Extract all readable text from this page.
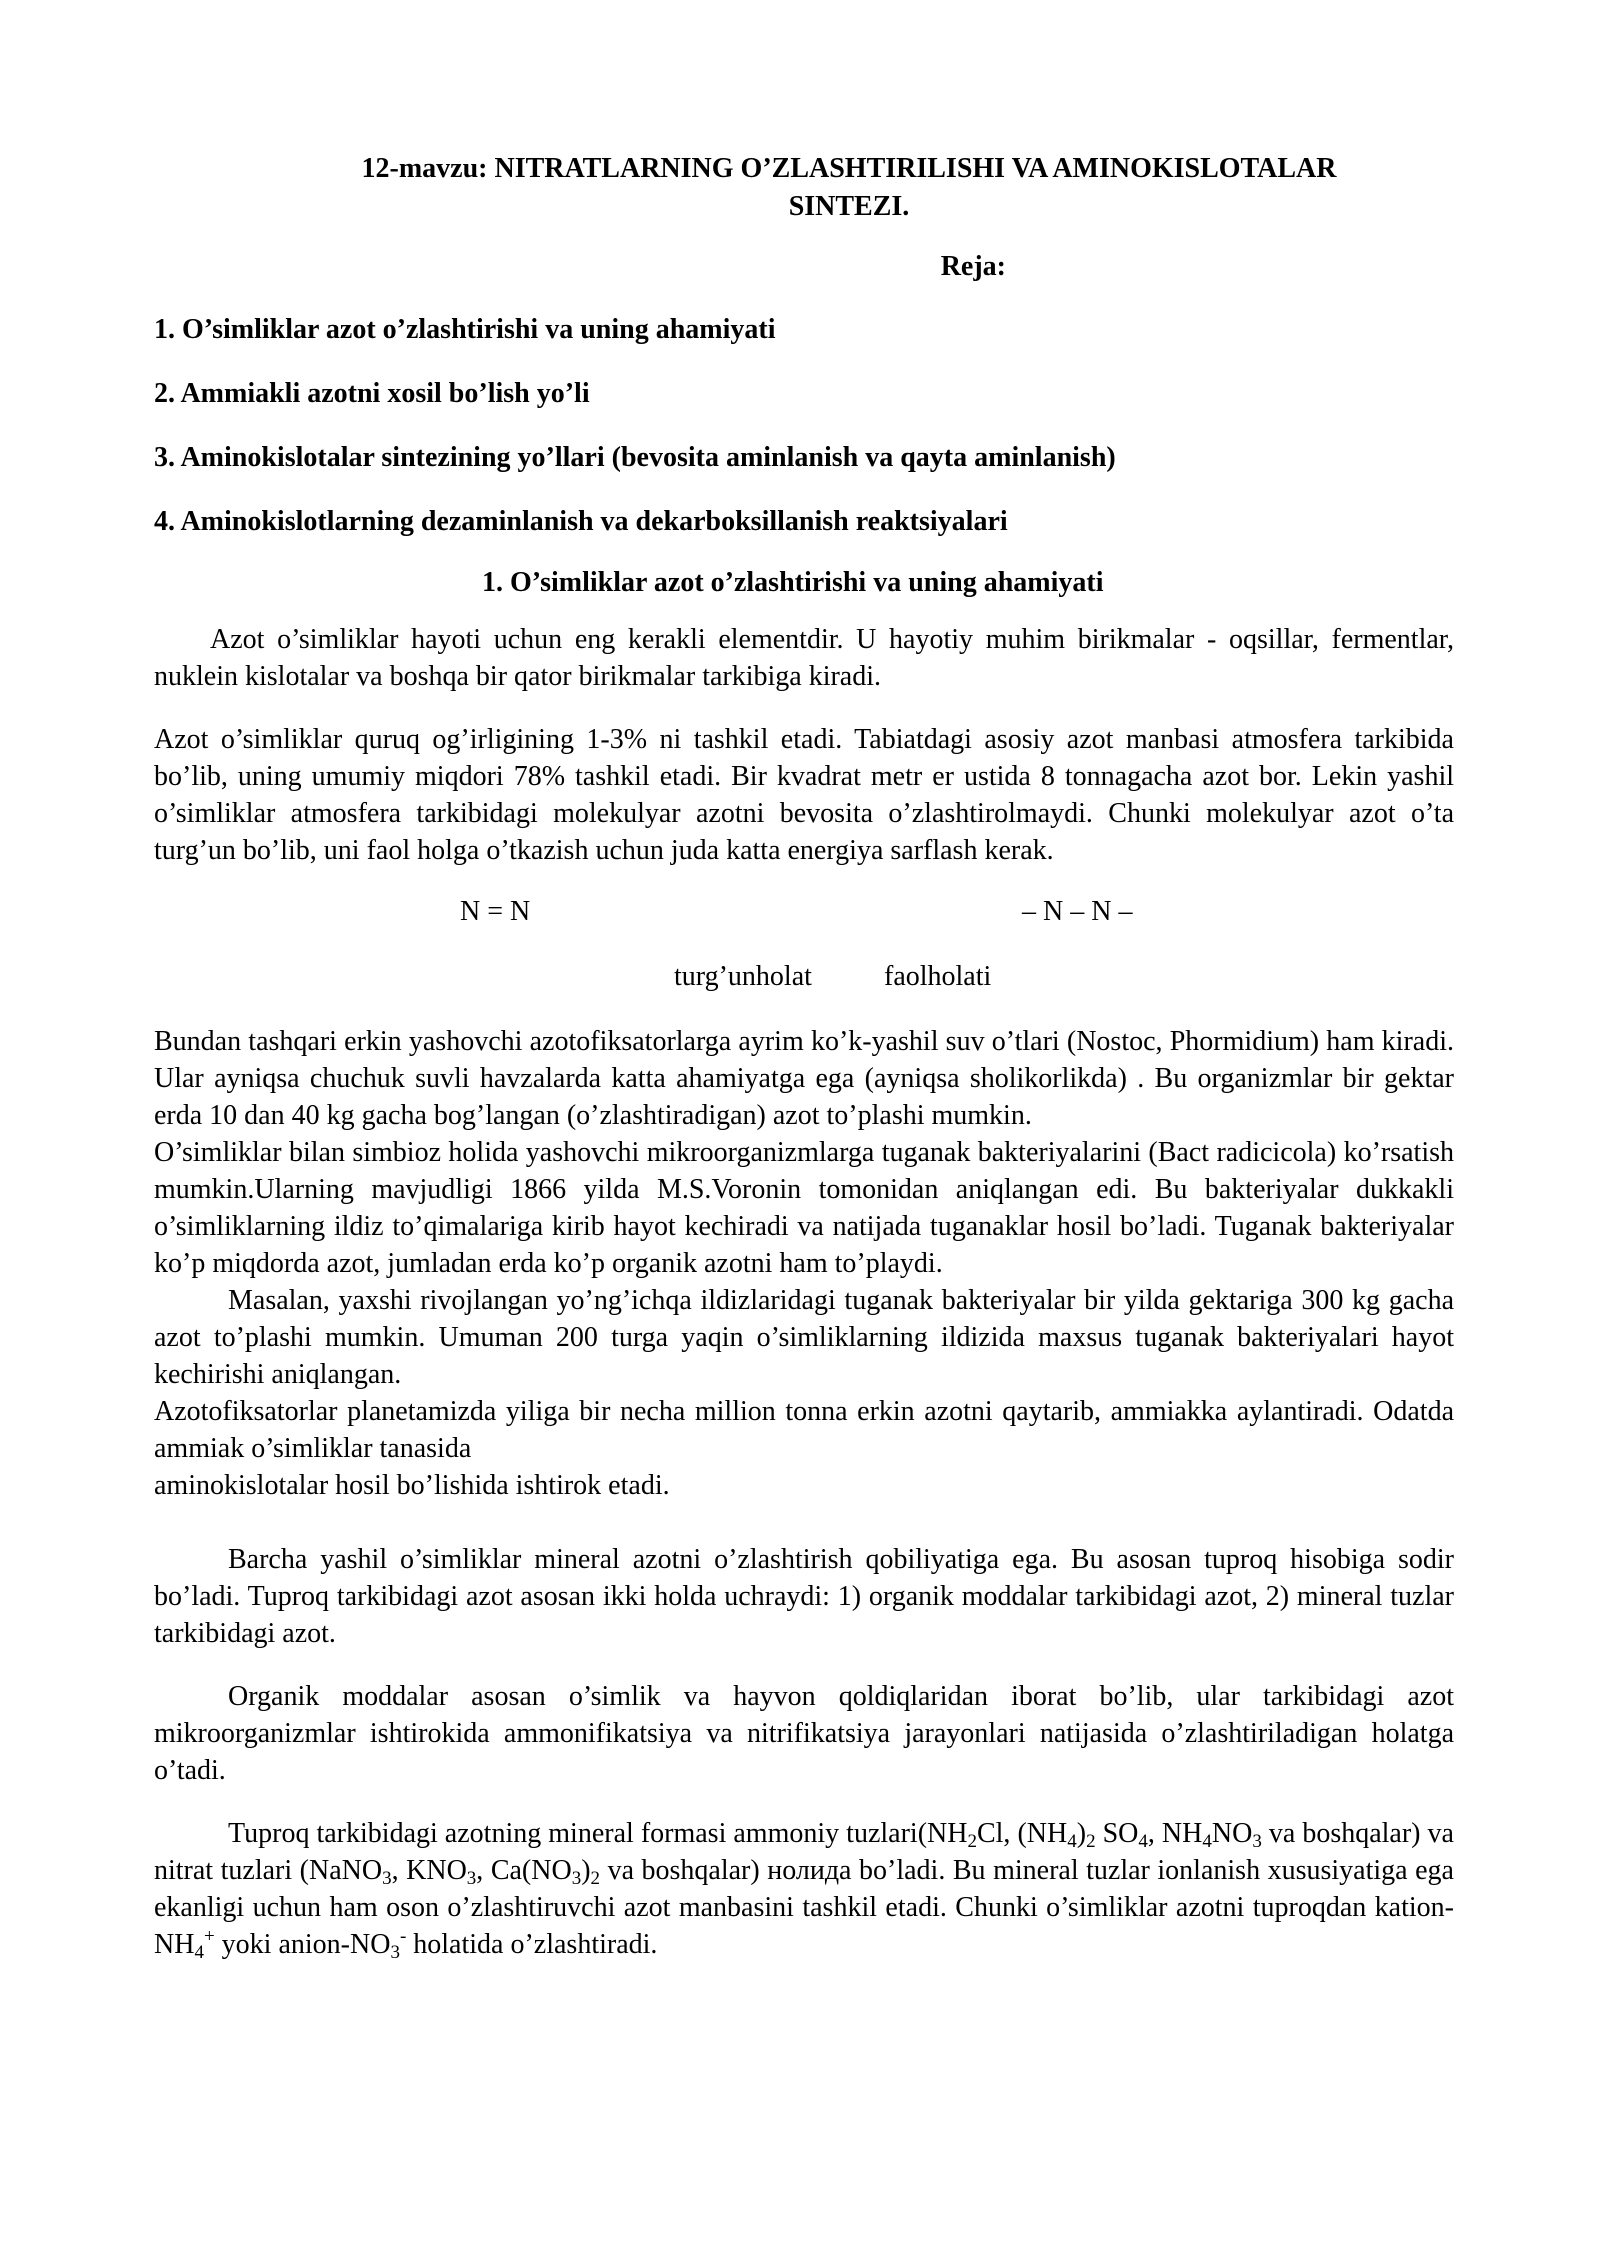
12-mavzu: NITRATLARNING O’ZLASHTIRILISHI VA AMINOKISLOTALAR
SINTEZI.
Reja:
1. O’simliklar azot o’zlashtirishi va uning ahamiyati
2. Ammiakli azotni xosil bo’lish yo’li
3. Aminokislotalar sintezining yo’llari (bevosita aminlanish va qayta aminlanish)
4. Aminokislotlarning dezaminlanish va dekarboksillanish reaktsiyalari
1. O’simliklar azot o’zlashtirishi va uning ahamiyati

Azot o’simliklar hayoti uchun eng kerakli elementdir. U hayotiy muhim birikmalar - oqsillar, fermentlar, nuklein kislotalar va boshqa bir qator birikmalar tarkibiga kiradi.

Azot o’simliklar quruq og’irligining 1-3% ni tashkil etadi. Tabiatdagi asosiy azot manbasi atmosfera tarkibida bo’lib, uning umumiy miqdori 78% tashkil etadi. Bir kvadrat metr er ustida 8 tonnagacha azot bor. Lekin yashil o’simliklar atmosfera tarkibidagi molekulyar azotni bevosita o’zlashtirolmaydi. Chunki molekulyar azot o’ta turg’un bo’lib, uni faol holga o’tkazish uchun juda katta energiya sarflash kerak.

N = N	– N – N –
turg’unholat	faolholati

Bundan tashqari erkin yashovchi azotofiksatorlarga ayrim ko’k-yashil suv o’tlari (Nostoc, Phormidium) ham kiradi. Ular ayniqsa chuchuk suvli havzalarda katta ahamiyatga ega (ayniqsa sholikorlikda) . Bu organizmlar bir gektar erda 10 dan 40 kg gacha bog’langan (o’zlashtiradigan) azot to’plashi mumkin.

O’simliklar bilan simbioz holida yashovchi mikroorganizmlarga tuganak bakteriyalarini (Bact radicicola) ko’rsatish mumkin.Ularning mavjudligi 1866 yilda M.S.Voronin tomonidan aniqlangan edi. Bu bakteriyalar dukkakli o’simliklarning ildiz to’qimalariga kirib hayot kechiradi va natijada tuganaklar hosil bo’ladi. Tuganak bakteriyalar ko’p miqdorda azot, jumladan erda ko’p organik azotni ham to’playdi.

Masalan, yaxshi rivojlangan yo’ng’ichqa ildizlaridagi tuganak bakteriyalar bir yilda gektariga 300 kg gacha azot to’plashi mumkin. Umuman 200 turga yaqin o’simliklarning ildizida maxsus tuganak bakteriyalari hayot kechirishi aniqlangan.

Azotofiksatorlar planetamizda yiliga bir necha million tonna erkin azotni qaytarib, ammiakka aylantiradi. Odatda ammiak o’simliklar tanasida

aminokislotalar hosil bo’lishida ishtirok etadi.

Barcha yashil o’simliklar mineral azotni o’zlashtirish qobiliyatiga ega. Bu asosan tuproq hisobiga sodir bo’ladi. Tuproq tarkibidagi azot asosan ikki holda uchraydi: 1) organik moddalar tarkibidagi azot, 2) mineral tuzlar tarkibidagi azot.

Organik moddalar asosan o’simlik va hayvon qoldiqlaridan iborat bo’lib, ular tarkibidagi azot mikroorganizmlar ishtirokida ammonifikatsiya va nitrifikatsiya jarayonlari natijasida o’zlashtiriladigan holatga o’tadi.

Tuproq tarkibidagi azotning mineral formasi ammoniy $tuzlari(NH_2Cl$, $(NH_4)_2$ $SO_4$, $NH_4NO_3$ va boshqalar) va nitrat tuzlari (NaNO$_3$, $KNO_3$, $Ca(NO_3)_2$ va boshqalar) нолида bo’ladi. Bu mineral tuzlar ionlanish xususiyatiga ega ekanligi uchun ham oson o’zlashtiruvchi azot manbasini tashkil etadi. Chunki o’simliklar azotni tuproqdan kation-$NH_4^+$ yoki anion-$NO_3^-$ holatida o’zlashtiradi.
